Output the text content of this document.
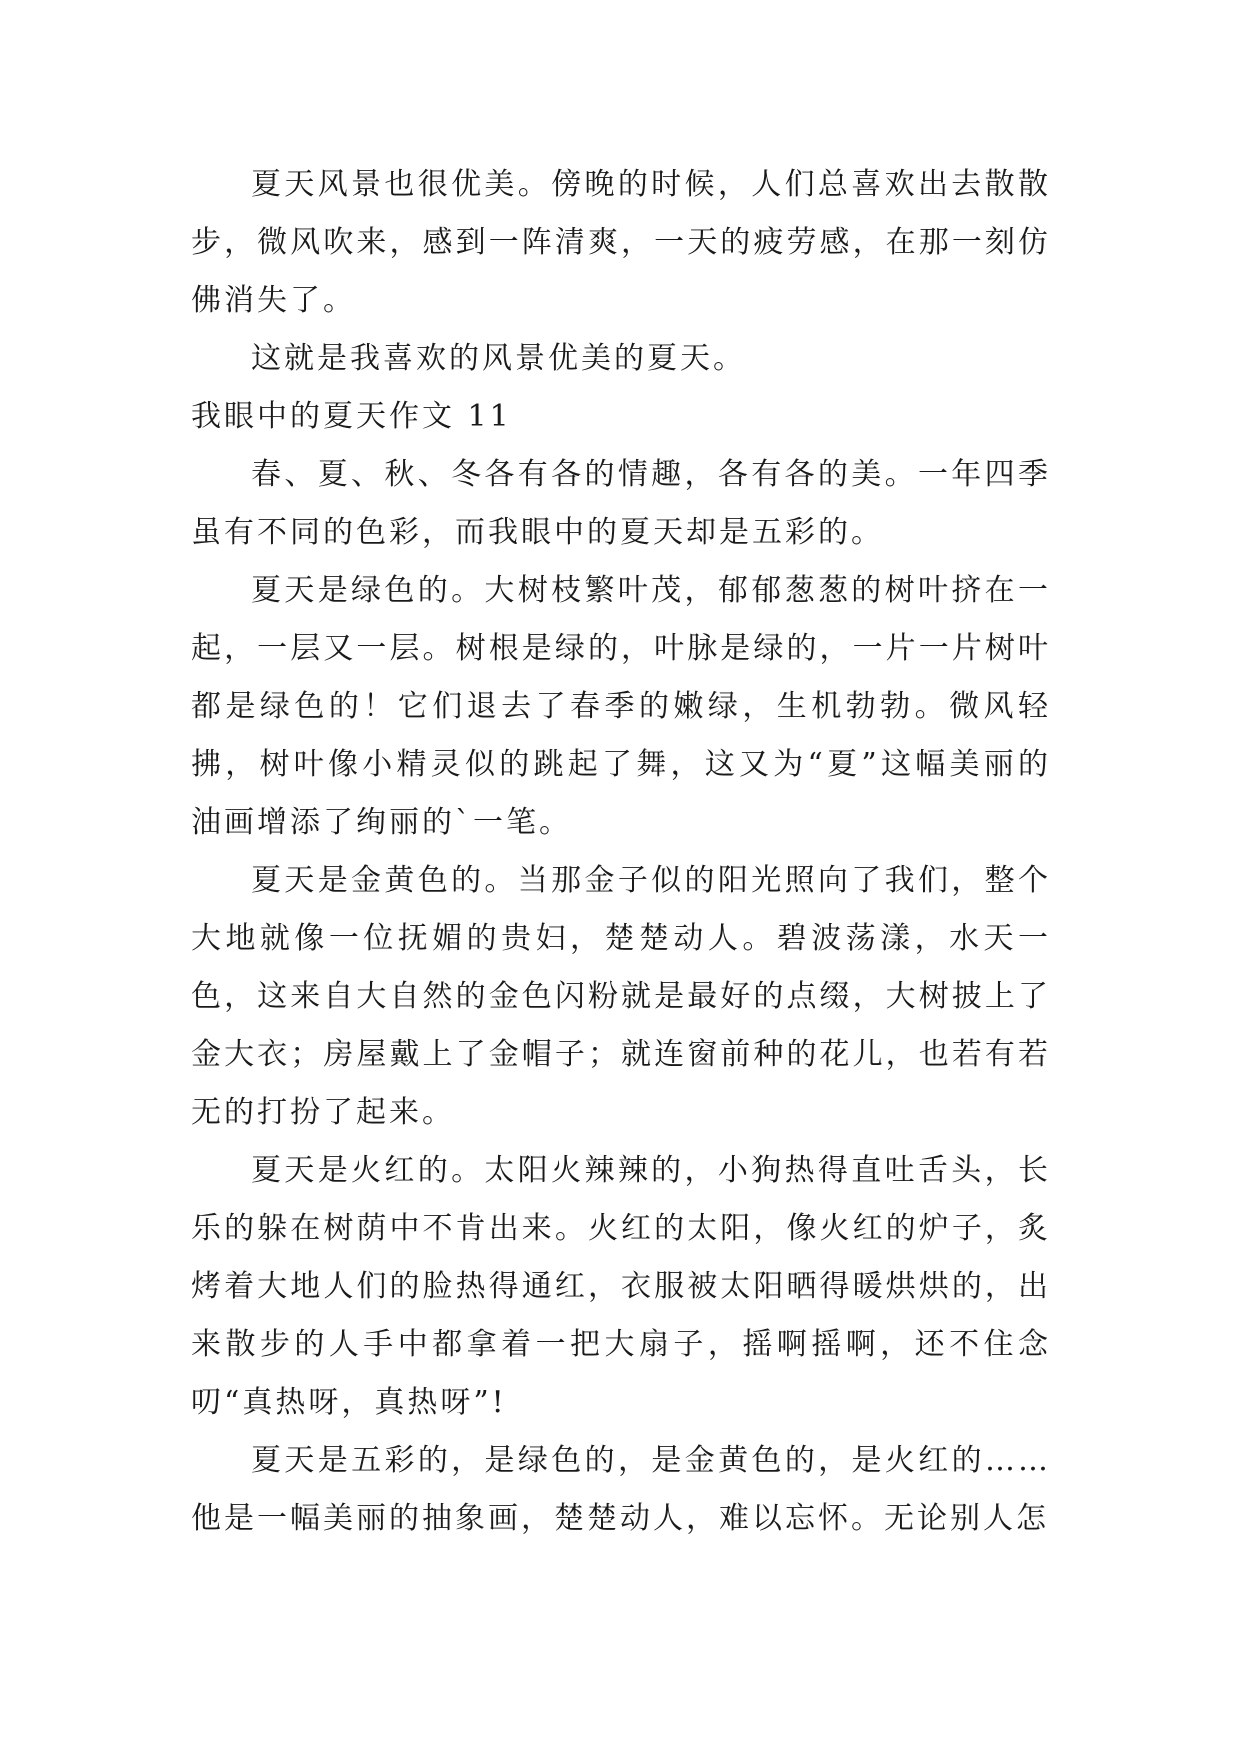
夏天风景也很优美。傍晚的时候，人们总喜欢出去散散步，微风吹来，感到一阵清爽，一天的疲劳感，在那一刻仿佛消失了。

这就是我喜欢的风景优美的夏天。

我眼中的夏天作文 11

春、夏、秋、冬各有各的情趣，各有各的美。一年四季虽有不同的色彩，而我眼中的夏天却是五彩的。

夏天是绿色的。大树枝繁叶茂，郁郁葱葱的树叶挤在一起，一层又一层。树根是绿的，叶脉是绿的，一片一片树叶都是绿色的！它们退去了春季的嫩绿，生机勃勃。微风轻拂，树叶像小精灵似的跳起了舞，这又为“夏”这幅美丽的油画增添了绚丽的`一笔。

夏天是金黄色的。当那金子似的阳光照向了我们，整个大地就像一位抚媚的贵妇，楚楚动人。碧波荡漾，水天一色，这来自大自然的金色闪粉就是最好的点缀，大树披上了金大衣；房屋戴上了金帽子；就连窗前种的花儿，也若有若无的打扮了起来。

夏天是火红的。太阳火辣辣的，小狗热得直吐舌头，长乐的躲在树荫中不肯出来。火红的太阳，像火红的炉子，炙烤着大地人们的脸热得通红，衣服被太阳晒得暖烘烘的，出来散步的人手中都拿着一把大扇子，摇啊摇啊，还不住念叨“真热呀，真热呀”!

夏天是五彩的，是绿色的，是金黄色的，是火红的……他是一幅美丽的抽象画，楚楚动人，难以忘怀。无论别人怎
